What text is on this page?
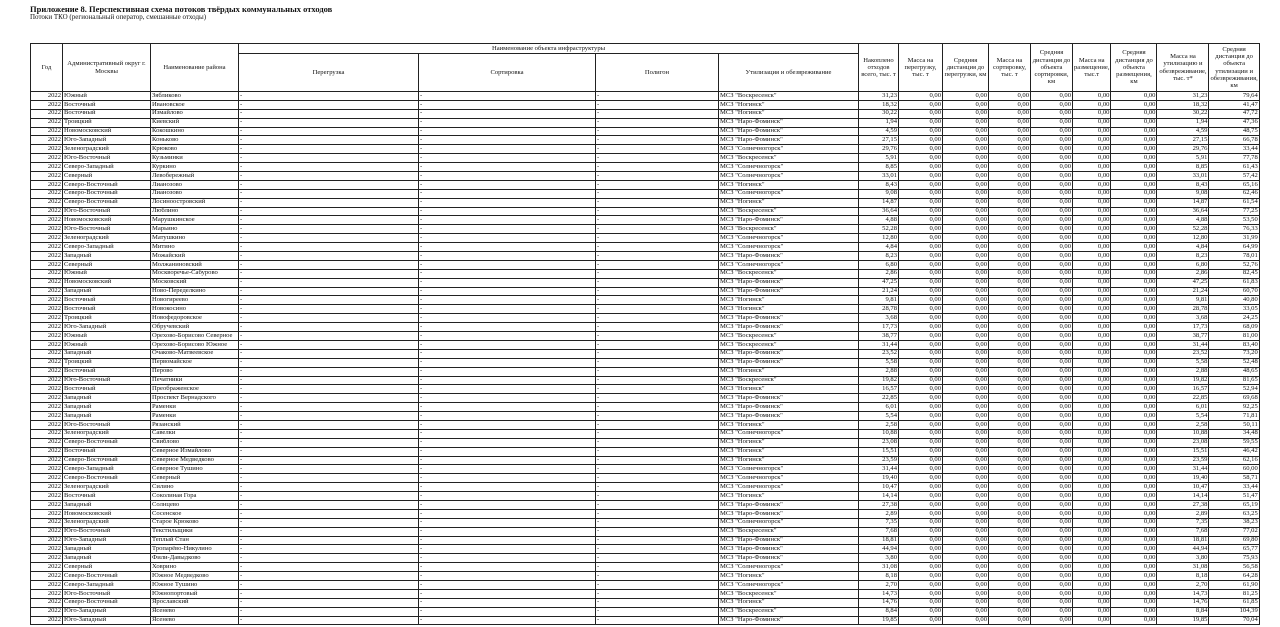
Приложение 8. Перспективная схема потоков твёрдых коммунальных отходов
Потоки ТКО (региональный оператор, смешанные отходы)
Год	Административный округ г. Москвы	Наименование района	Наименование объекта инфраструктуры				Накоплено отходов всего, тыс. т	Масса на перегрузку, тыс. т	Средняя дистанция до перегрузки, км	Масса на сортировку, тыс. т	Средняя дистанция до объекта сортировки, км	Масса на размещение, тыс.т	Средняя дистанция до объекта размещения, км	Масса на утилизацию и обезвреживание, тыс. т*	Средняя дистанция до объекта утилизации и обезвреживания, км
			Перегрузка	Сортировка	Полигон	Утилизация и обезвреживание									
2022	Южный	Зябликово	-	-	-	МСЗ "Воскресенск"	31,23	0,00	0,00	0,00	0,00	0,00	0,00	31,23	79,64
2022	Восточный	Ивановское	-	-	-	МСЗ "Ногинск"	18,32	0,00	0,00	0,00	0,00	0,00	0,00	18,32	41,47
2022	Восточный	Измайлово	-	-	-	МСЗ "Ногинск"	30,22	0,00	0,00	0,00	0,00	0,00	0,00	30,22	47,72
2022	Троицкий	Киевский	-	-	-	МСЗ "Наро-Фоминск"	1,94	0,00	0,00	0,00	0,00	0,00	0,00	1,94	47,36
2022	Новомосковский	Кокошкино	-	-	-	МСЗ "Наро-Фоминск"	4,59	0,00	0,00	0,00	0,00	0,00	0,00	4,59	48,75
2022	Юго-Западный	Коньково	-	-	-	МСЗ "Наро-Фоминск"	27,15	0,00	0,00	0,00	0,00	0,00	0,00	27,15	66,78
2022	Зеленоградский	Крюково	-	-	-	МСЗ "Солнечногорск"	29,76	0,00	0,00	0,00	0,00	0,00	0,00	29,76	33,44
2022	Юго-Восточный	Кузьминки	-	-	-	МСЗ "Воскресенск"	5,91	0,00	0,00	0,00	0,00	0,00	0,00	5,91	77,78
2022	Северо-Западный	Куркино	-	-	-	МСЗ "Солнечногорск"	8,85	0,00	0,00	0,00	0,00	0,00	0,00	8,85	61,43
2022	Северный	Левобережный	-	-	-	МСЗ "Солнечногорск"	33,01	0,00	0,00	0,00	0,00	0,00	0,00	33,01	57,42
2022	Северо-Восточный	Лианозово	-	-	-	МСЗ "Ногинск"	8,43	0,00	0,00	0,00	0,00	0,00	0,00	8,43	65,16
2022	Северо-Восточный	Лианозово	-	-	-	МСЗ "Солнечногорск"	9,08	0,00	0,00	0,00	0,00	0,00	0,00	9,08	62,46
2022	Северо-Восточный	Лосиноостровский	-	-	-	МСЗ "Ногинск"	14,87	0,00	0,00	0,00	0,00	0,00	0,00	14,87	61,54
2022	Юго-Восточный	Люблино	-	-	-	МСЗ "Воскресенск"	36,64	0,00	0,00	0,00	0,00	0,00	0,00	36,64	77,25
2022	Новомосковский	Марушкинское	-	-	-	МСЗ "Наро-Фоминск"	4,88	0,00	0,00	0,00	0,00	0,00	0,00	4,88	53,50
2022	Юго-Восточный	Марьино	-	-	-	МСЗ "Воскресенск"	52,28	0,00	0,00	0,00	0,00	0,00	0,00	52,28	76,33
2022	Зеленоградский	Матушкино	-	-	-	МСЗ "Солнечногорск"	12,80	0,00	0,00	0,00	0,00	0,00	0,00	12,80	31,99
2022	Северо-Западный	Митино	-	-	-	МСЗ "Солнечногорск"	4,84	0,00	0,00	0,00	0,00	0,00	0,00	4,84	64,99
2022	Западный	Можайский	-	-	-	МСЗ "Наро-Фоминск"	8,23	0,00	0,00	0,00	0,00	0,00	0,00	8,23	78,01
2022	Северный	Молжаниновский	-	-	-	МСЗ "Солнечногорск"	6,80	0,00	0,00	0,00	0,00	0,00	0,00	6,80	52,76
2022	Южный	Москворечье-Сабурово	-	-	-	МСЗ "Воскресенск"	2,86	0,00	0,00	0,00	0,00	0,00	0,00	2,86	82,45
2022	Новомосковский	Московский	-	-	-	МСЗ "Наро-Фоминск"	47,25	0,00	0,00	0,00	0,00	0,00	0,00	47,25	61,83
2022	Западный	Ново-Переделкино	-	-	-	МСЗ "Наро-Фоминск"	21,24	0,00	0,00	0,00	0,00	0,00	0,00	21,24	60,70
2022	Восточный	Новогиреево	-	-	-	МСЗ "Ногинск"	9,81	0,00	0,00	0,00	0,00	0,00	0,00	9,81	40,80
2022	Восточный	Новокосино	-	-	-	МСЗ "Ногинск"	28,78	0,00	0,00	0,00	0,00	0,00	0,00	28,78	33,05
2022	Троицкий	Новофедоровское	-	-	-	МСЗ "Наро-Фоминск"	3,68	0,00	0,00	0,00	0,00	0,00	0,00	3,68	24,25
2022	Юго-Западный	Обручевский	-	-	-	МСЗ "Наро-Фоминск"	17,73	0,00	0,00	0,00	0,00	0,00	0,00	17,73	68,09
2022	Южный	Орехово-Борисово Северное	-	-	-	МСЗ "Воскресенск"	38,77	0,00	0,00	0,00	0,00	0,00	0,00	38,77	81,00
2022	Южный	Орехово-Борисово Южное	-	-	-	МСЗ "Воскресенск"	31,44	0,00	0,00	0,00	0,00	0,00	0,00	31,44	83,40
2022	Западный	Очаково-Матвеевское	-	-	-	МСЗ "Наро-Фоминск"	23,52	0,00	0,00	0,00	0,00	0,00	0,00	23,52	73,20
2022	Троицкий	Первомайское	-	-	-	МСЗ "Наро-Фоминск"	5,58	0,00	0,00	0,00	0,00	0,00	0,00	5,58	52,48
2022	Восточный	Перово	-	-	-	МСЗ "Ногинск"	2,88	0,00	0,00	0,00	0,00	0,00	0,00	2,88	48,65
2022	Юго-Восточный	Печатники	-	-	-	МСЗ "Воскресенск"	19,82	0,00	0,00	0,00	0,00	0,00	0,00	19,82	81,65
2022	Восточный	Преображенское	-	-	-	МСЗ "Ногинск"	16,57	0,00	0,00	0,00	0,00	0,00	0,00	16,57	52,94
2022	Западный	Проспект Вернадского	-	-	-	МСЗ "Наро-Фоминск"	22,85	0,00	0,00	0,00	0,00	0,00	0,00	22,85	69,68
2022	Западный	Раменки	-	-	-	МСЗ "Наро-Фоминск"	6,01	0,00	0,00	0,00	0,00	0,00	0,00	6,01	92,25
2022	Западный	Раменки	-	-	-	МСЗ "Наро-Фоминск"	5,54	0,00	0,00	0,00	0,00	0,00	0,00	5,54	71,81
2022	Юго-Восточный	Рязанский	-	-	-	МСЗ "Ногинск"	2,58	0,00	0,00	0,00	0,00	0,00	0,00	2,58	50,11
2022	Зеленоградский	Савелки	-	-	-	МСЗ "Солнечногорск"	10,88	0,00	0,00	0,00	0,00	0,00	0,00	10,88	34,48
2022	Северо-Восточный	Свиблово	-	-	-	МСЗ "Ногинск"	23,08	0,00	0,00	0,00	0,00	0,00	0,00	23,08	59,55
2022	Восточный	Северное Измайлово	-	-	-	МСЗ "Ногинск"	15,51	0,00	0,00	0,00	0,00	0,00	0,00	15,51	46,42
2022	Северо-Восточный	Северное Медведково	-	-	-	МСЗ "Ногинск"	23,59	0,00	0,00	0,00	0,00	0,00	0,00	23,59	62,16
2022	Северо-Западный	Северное Тушино	-	-	-	МСЗ "Солнечногорск"	31,44	0,00	0,00	0,00	0,00	0,00	0,00	31,44	60,00
2022	Северо-Восточный	Северный	-	-	-	МСЗ "Солнечногорск"	19,40	0,00	0,00	0,00	0,00	0,00	0,00	19,40	58,71
2022	Зеленоградский	Силино	-	-	-	МСЗ "Солнечногорск"	10,47	0,00	0,00	0,00	0,00	0,00	0,00	10,47	33,44
2022	Восточный	Соколиная Гора	-	-	-	МСЗ "Ногинск"	14,14	0,00	0,00	0,00	0,00	0,00	0,00	14,14	51,47
2022	Западный	Солнцево	-	-	-	МСЗ "Наро-Фоминск"	27,38	0,00	0,00	0,00	0,00	0,00	0,00	27,38	65,19
2022	Новомосковский	Сосенское	-	-	-	МСЗ "Наро-Фоминск"	2,89	0,00	0,00	0,00	0,00	0,00	0,00	2,89	63,25
2022	Зеленоградский	Старое Крюково	-	-	-	МСЗ "Солнечногорск"	7,35	0,00	0,00	0,00	0,00	0,00	0,00	7,35	38,23
2022	Юго-Восточный	Текстильщики	-	-	-	МСЗ "Воскресенск"	7,68	0,00	0,00	0,00	0,00	0,00	0,00	7,68	77,02
2022	Юго-Западный	Теплый Стан	-	-	-	МСЗ "Наро-Фоминск"	18,81	0,00	0,00	0,00	0,00	0,00	0,00	18,81	69,80
2022	Западный	Тропарёво-Никулино	-	-	-	МСЗ "Наро-Фоминск"	44,94	0,00	0,00	0,00	0,00	0,00	0,00	44,94	65,77
2022	Западный	Фили-Давыдково	-	-	-	МСЗ "Наро-Фоминск"	3,80	0,00	0,00	0,00	0,00	0,00	0,00	3,80	75,93
2022	Северный	Ховрино	-	-	-	МСЗ "Солнечногорск"	31,08	0,00	0,00	0,00	0,00	0,00	0,00	31,08	56,58
2022	Северо-Восточный	Южное Медведково	-	-	-	МСЗ "Ногинск"	8,18	0,00	0,00	0,00	0,00	0,00	0,00	8,18	64,28
2022	Северо-Западный	Южное Тушино	-	-	-	МСЗ "Солнечногорск"	2,70	0,00	0,00	0,00	0,00	0,00	0,00	2,70	61,90
2022	Юго-Восточный	Южнопортовый	-	-	-	МСЗ "Воскресенск"	14,73	0,00	0,00	0,00	0,00	0,00	0,00	14,73	81,25
2022	Северо-Восточный	Ярославский	-	-	-	МСЗ "Ногинск"	14,76	0,00	0,00	0,00	0,00	0,00	0,00	14,76	61,85
2022	Юго-Западный	Ясенево	-	-	-	МСЗ "Воскресенск"	8,84	0,00	0,00	0,00	0,00	0,00	0,00	8,84	104,39
2022	Юго-Западный	Ясенево	-	-	-	МСЗ "Наро-Фоминск"	19,85	0,00	0,00	0,00	0,00	0,00	0,00	19,85	70,04
